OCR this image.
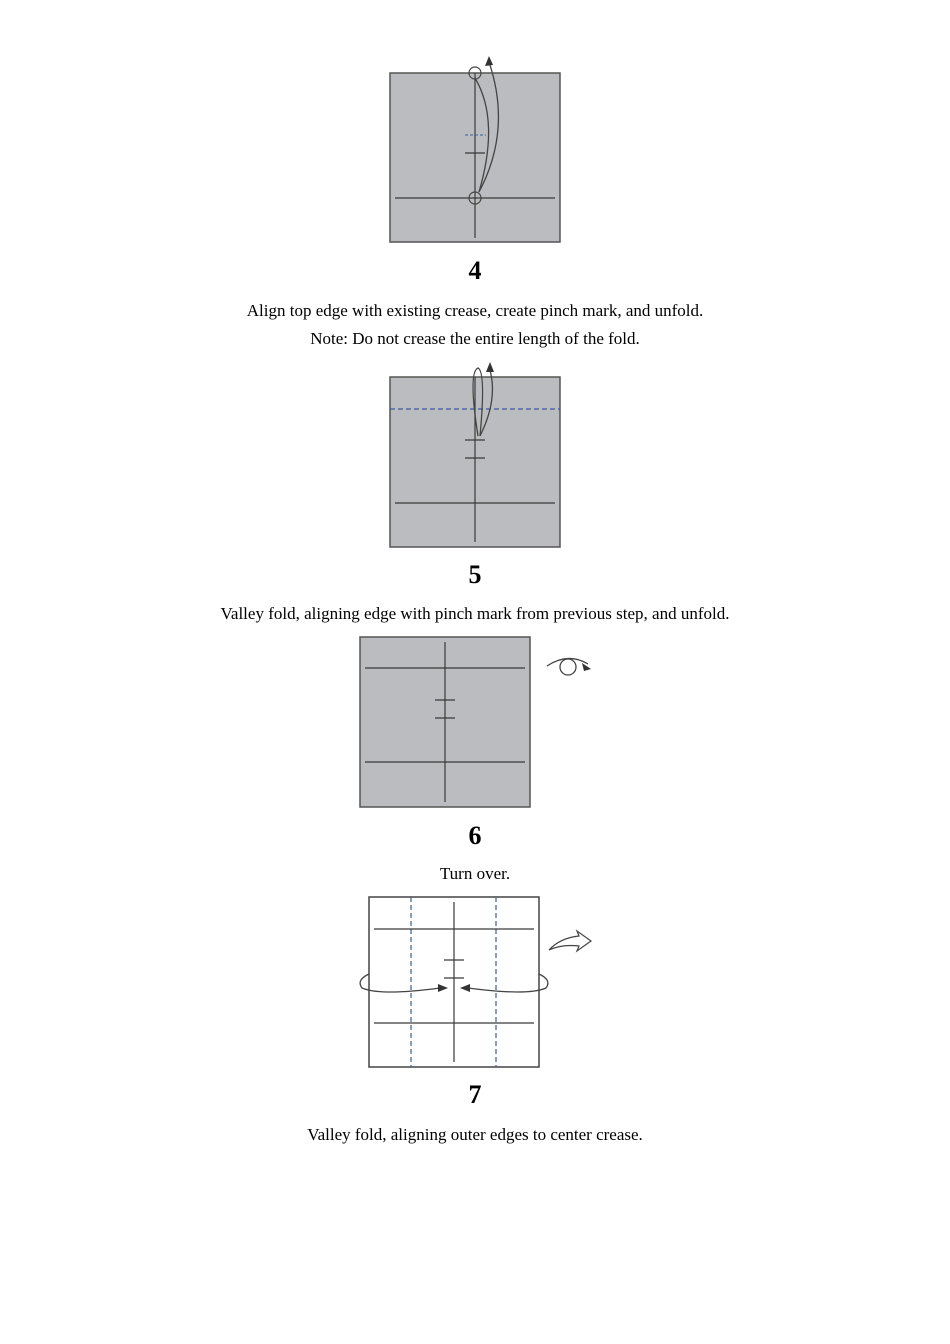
4
Align top edge with existing crease, create pinch mark, and unfold.
Note: Do not crease the entire length of the fold.
5
Valley fold, aligning edge with pinch mark from previous step, and unfold.
6
Turn over.
7
Valley fold, aligning outer edges to center crease.
